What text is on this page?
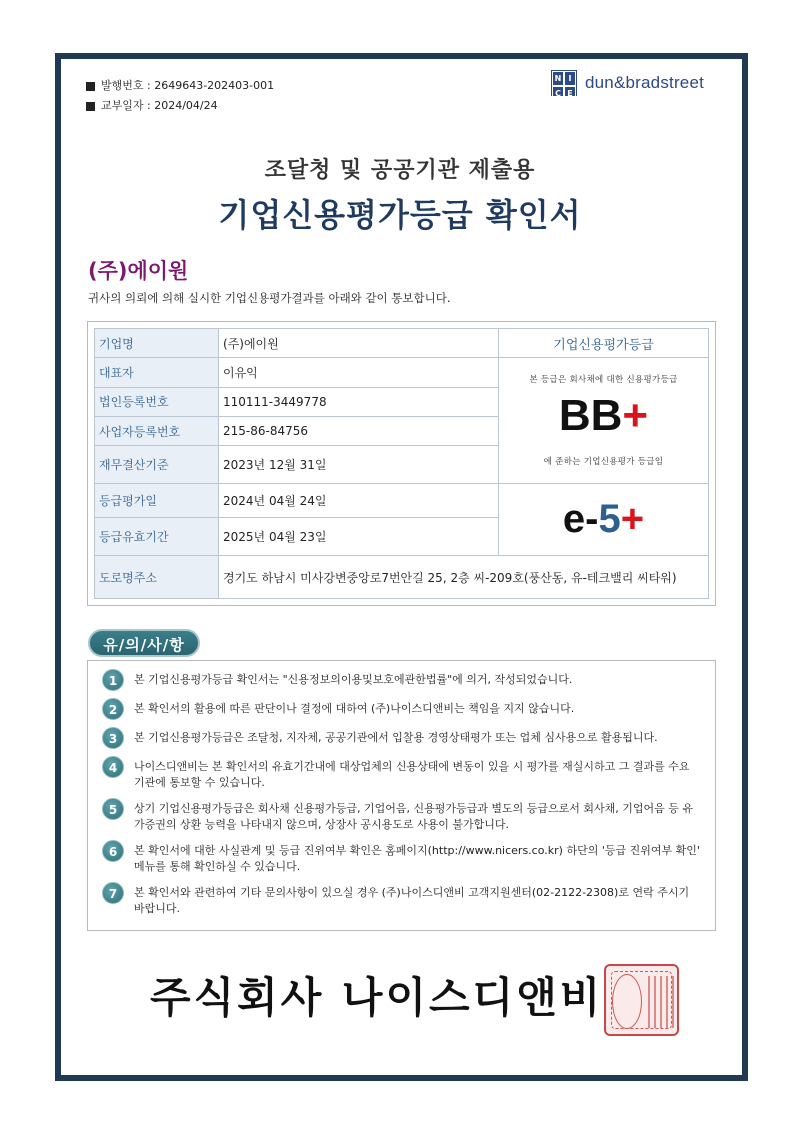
발행번호 : 2649643-202403-001
교부일자 : 2024/04/24
N I
C E
dun&bradstreet
조달청 및 공공기관 제출용
기업신용평가등급 확인서
(주)에이원
귀사의 의뢰에 의해 실시한 기업신용평가결과를 아래와 같이 통보합니다.
기업명	(주)에이원	기업신용평가등급
대표자	이유익	본 등급은 회사채에 대한 신용평가등급
BB+
에 준하는 기업신용평가 등급임

법인등록번호	110111-3449778	
사업자등록번호	215-86-84756	
재무결산기준	2023년 12월 31일	
등급평가일	2024년 04월 24일	e-5+

등급유효기간	2025년 04월 23일	
도로명주소	경기도 하남시 미사강변중앙로7번안길 25, 2층 씨-209호(풍산동, 유-테크밸리 씨타워)	
유/의/사/항
1	본 기업신용평가등급 확인서는 "신용정보의이용및보호에관한법률"에 의거, 작성되었습니다.
2	본 확인서의 활용에 따른 판단이나 결정에 대하여 (주)나이스디앤비는 책임을 지지 않습니다.
3	본 기업신용평가등급은 조달청, 지자체, 공공기관에서 입찰용 경영상태평가 또는 업체 심사용으로 활용됩니다.
4	나이스디앤비는 본 확인서의 유효기간내에 대상업체의 신용상태에 변동이 있을 시 평가를 재실시하고 그 결과를 수요 기관에 통보할 수 있습니다.
5	상기 기업신용평가등급은 회사채 신용평가등급, 기업어음, 신용평가등급과 별도의 등급으로서 회사채, 기업어음 등 유가증권의 상환 능력을 나타내지 않으며, 상장사 공시용도로 사용이 불가합니다.
6	본 확인서에 대한 사실관계 및 등급 진위여부 확인은 홈페이지(http://www.nicers.co.kr) 하단의 '등급 진위여부 확인' 메뉴를 통해 확인하실 수 있습니다.
7	본 확인서와 관련하여 기타 문의사항이 있으실 경우 (주)나이스디앤비 고객지원센터(02-2122-2308)로 연락 주시기 바랍니다.
주식회사 나이스디앤비
